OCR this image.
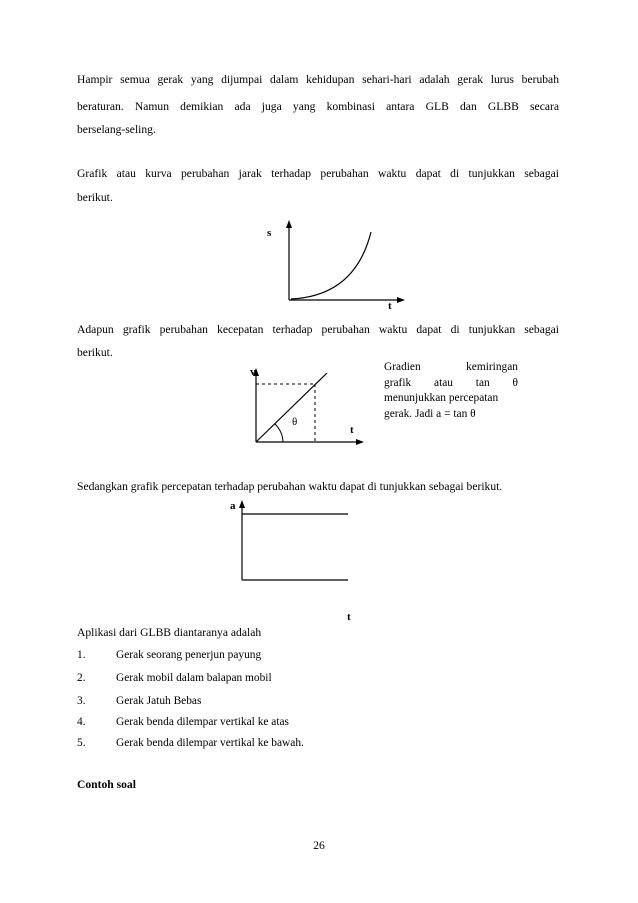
Hampir semua gerak yang dijumpai dalam kehidupan sehari-hari adalah gerak lurus berubah

beraturan. Namun demikian ada juga yang kombinasi antara GLB dan GLBB secara

berselang-seling.

Grafik atau kurva perubahan jarak terhadap perubahan waktu dapat di tunjukkan sebagai

berikut.

s
t

Adapun grafik perubahan kecepatan terhadap perubahan waktu dapat di tunjukkan sebagai

berikut.

v
t
θ
Gradien kemiringan
grafik atau tan θ
menunjukkan percepatan
gerak. Jadi a = tan θ

Sedangkan grafik percepatan terhadap perubahan waktu dapat di tunjukkan sebagai berikut.

a
t

Aplikasi dari GLBB diantaranya adalah

1.	Gerak seorang penerjun payung
2.	Gerak mobil dalam balapan mobil
3.	Gerak Jatuh Bebas
4.	Gerak benda dilempar vertikal ke atas
5.	Gerak benda dilempar vertikal ke bawah.
Contoh soal
26
